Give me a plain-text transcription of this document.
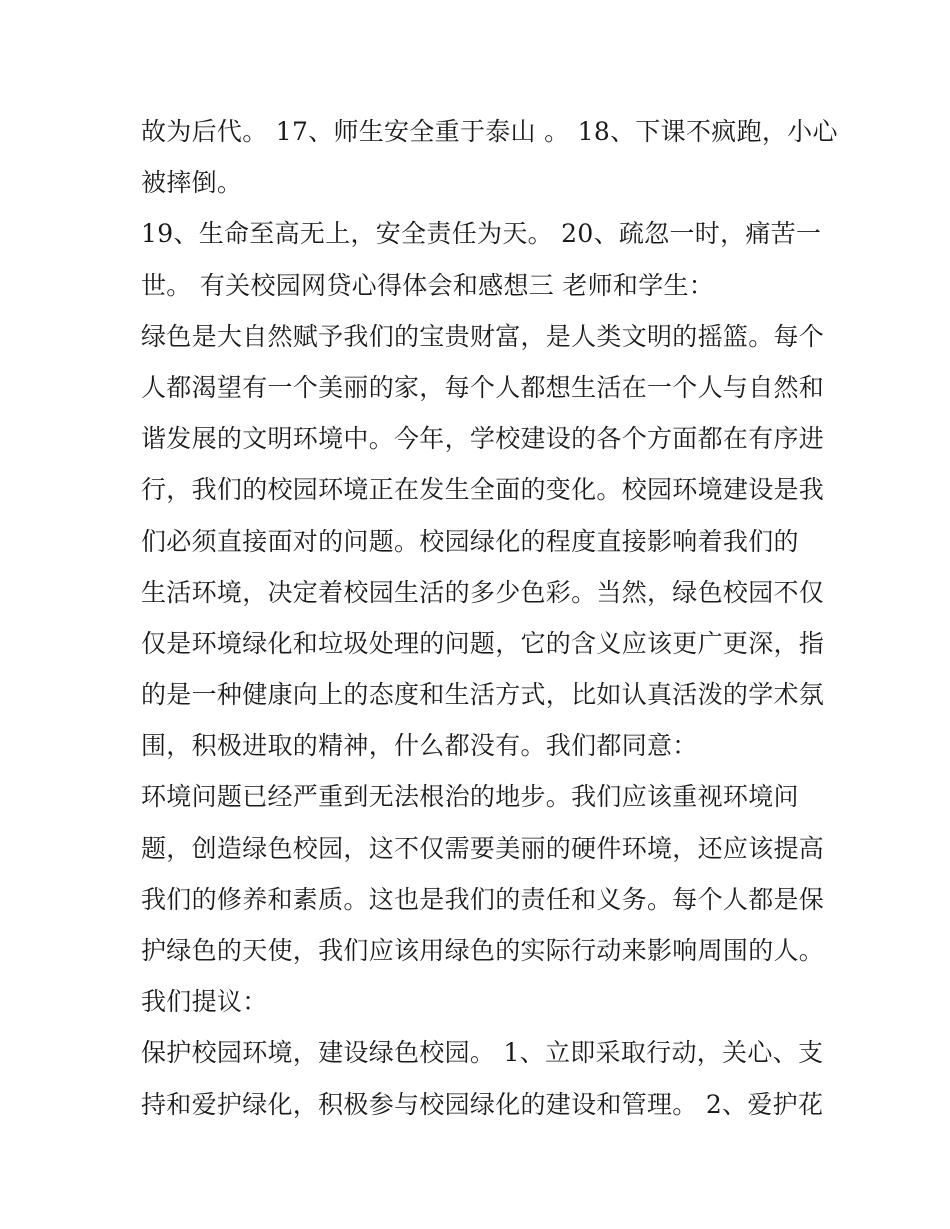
故为后代。 17、师生安全重于泰山 。 18、下课不疯跑，小心
被摔倒。
19、生命至高无上，安全责任为天。 20、疏忽一时，痛苦一
世。 有关校园网贷心得体会和感想三 老师和学生：
绿色是大自然赋予我们的宝贵财富，是人类文明的摇篮。每个
人都渴望有一个美丽的家，每个人都想生活在一个人与自然和
谐发展的文明环境中。今年，学校建设的各个方面都在有序进
行，我们的校园环境正在发生全面的变化。校园环境建设是我
们必须直接面对的问题。校园绿化的程度直接影响着我们的
生活环境，决定着校园生活的多少色彩。当然，绿色校园不仅
仅是环境绿化和垃圾处理的问题，它的含义应该更广更深，指
的是一种健康向上的态度和生活方式，比如认真活泼的学术氛
围，积极进取的精神，什么都没有。我们都同意：
环境问题已经严重到无法根治的地步。我们应该重视环境问
题，创造绿色校园，这不仅需要美丽的硬件环境，还应该提高
我们的修养和素质。这也是我们的责任和义务。每个人都是保
护绿色的天使，我们应该用绿色的实际行动来影响周围的人。
我们提议：
保护校园环境，建设绿色校园。 1、立即采取行动，关心、支
持和爱护绿化，积极参与校园绿化的建设和管理。 2、爱护花
